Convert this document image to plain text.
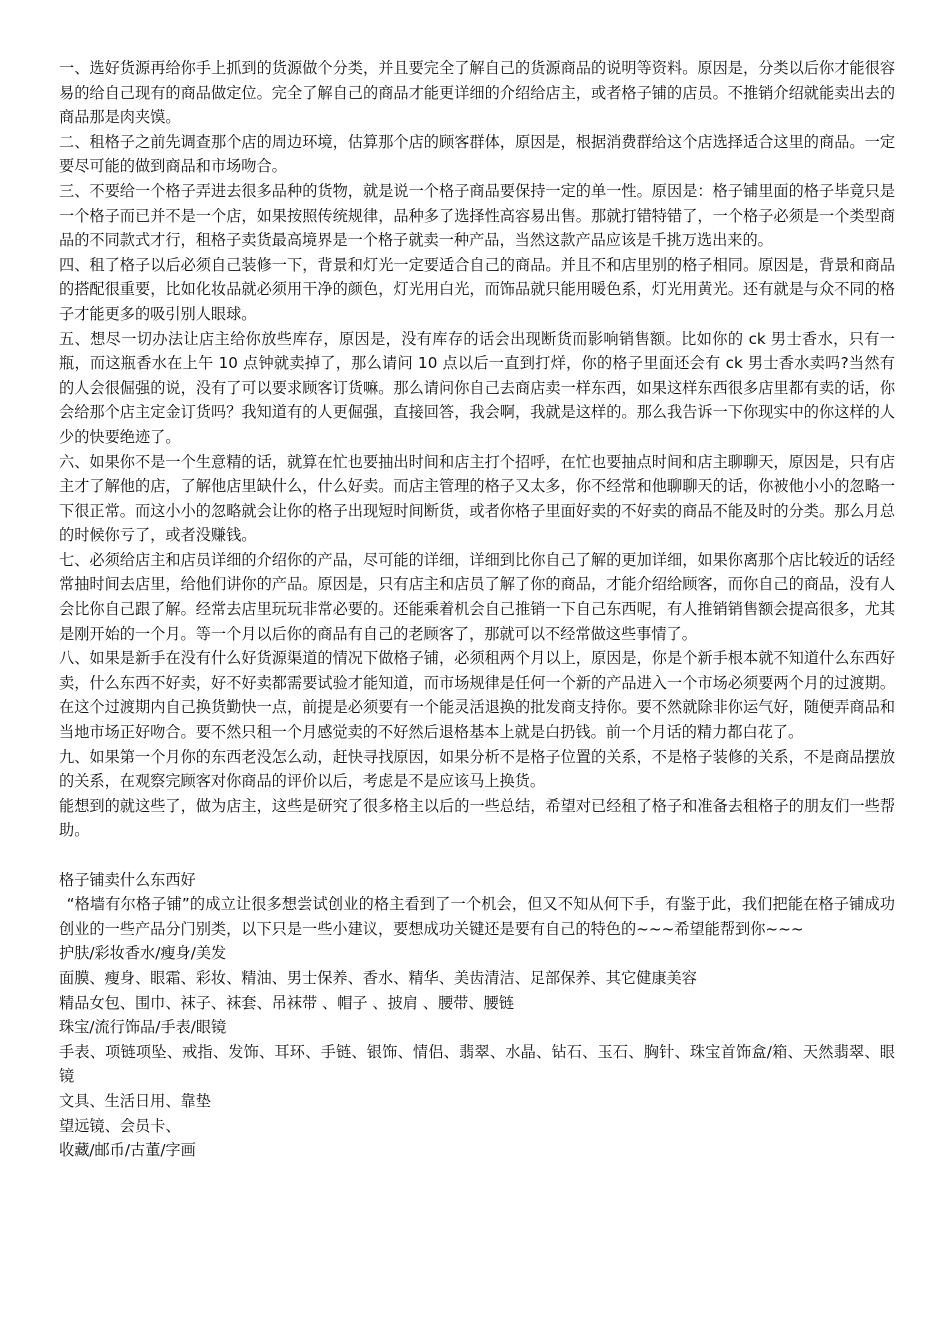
一、选好货源再给你手上抓到的货源做个分类，并且要完全了解自己的货源商品的说明等资料。原因是，分类以后你才能很容易的给自己现有的商品做定位。完全了解自己的商品才能更详细的介绍给店主，或者格子铺的店员。不推销介绍就能卖出去的商品那是肉夹馍。

二、租格子之前先调查那个店的周边环境，估算那个店的顾客群体，原因是，根据消费群给这个店选择适合这里的商品。一定要尽可能的做到商品和市场吻合。

三、不要给一个格子弄进去很多品种的货物，就是说一个格子商品要保持一定的单一性。原因是：格子铺里面的格子毕竟只是一个格子而已并不是一个店，如果按照传统规律，品种多了选择性高容易出售。那就打错特错了，一个格子必须是一个类型商品的不同款式才行，租格子卖货最高境界是一个格子就卖一种产品，当然这款产品应该是千挑万选出来的。

四、租了格子以后必须自己装修一下，背景和灯光一定要适合自己的商品。并且不和店里别的格子相同。原因是，背景和商品的搭配很重要，比如化妆品就必须用干净的颜色，灯光用白光，而饰品就只能用暖色系，灯光用黄光。还有就是与众不同的格子才能更多的吸引别人眼球。

五、想尽一切办法让店主给你放些库存，原因是，没有库存的话会出现断货而影响销售额。比如你的 ck 男士香水，只有一瓶，而这瓶香水在上午 10 点钟就卖掉了，那么请问 10 点以后一直到打烊，你的格子里面还会有 ck 男士香水卖吗?当然有的人会很倔强的说，没有了可以要求顾客订货嘛。那么请问你自己去商店卖一样东西，如果这样东西很多店里都有卖的话，你会给那个店主定金订货吗？我知道有的人更倔强，直接回答，我会啊，我就是这样的。那么我告诉一下你现实中的你这样的人少的快要绝迹了。

六、如果你不是一个生意精的话，就算在忙也要抽出时间和店主打个招呼，在忙也要抽点时间和店主聊聊天，原因是，只有店主才了解他的店，了解他店里缺什么，什么好卖。而店主管理的格子又太多，你不经常和他聊聊天的话，你被他小小的忽略一下很正常。而这小小的忽略就会让你的格子出现短时间断货，或者你格子里面好卖的不好卖的商品不能及时的分类。那么月总的时候你亏了，或者没赚钱。

七、必须给店主和店员详细的介绍你的产品，尽可能的详细，详细到比你自己了解的更加详细，如果你离那个店比较近的话经常抽时间去店里，给他们讲你的产品。原因是，只有店主和店员了解了你的商品，才能介绍给顾客，而你自己的商品，没有人会比你自己跟了解。经常去店里玩玩非常必要的。还能乘着机会自己推销一下自己东西呢，有人推销销售额会提高很多，尤其是刚开始的一个月。等一个月以后你的商品有自己的老顾客了，那就可以不经常做这些事情了。

八、如果是新手在没有什么好货源渠道的情况下做格子铺，必须租两个月以上，原因是，你是个新手根本就不知道什么东西好卖，什么东西不好卖，好不好卖都需要试验才能知道，而市场规律是任何一个新的产品进入一个市场必须要两个月的过渡期。在这个过渡期内自己换货勤快一点，前提是必须要有一个能灵活退换的批发商支持你。要不然就除非你运气好，随便弄商品和当地市场正好吻合。要不然只租一个月感觉卖的不好然后退格基本上就是白扔钱。前一个月话的精力都白花了。

九、如果第一个月你的东西老没怎么动，赶快寻找原因，如果分析不是格子位置的关系，不是格子装修的关系，不是商品摆放的关系，在观察完顾客对你商品的评价以后，考虑是不是应该马上换货。

能想到的就这些了，做为店主，这些是研究了很多格主以后的一些总结，希望对已经租了格子和准备去租格子的朋友们一些帮助。

格子铺卖什么东西好

“格墙有尔格子铺”的成立让很多想尝试创业的格主看到了一个机会，但又不知从何下手，有鉴于此，我们把能在格子铺成功创业的一些产品分门别类，以下只是一些小建议，要想成功关键还是要有自己的特色的~~~希望能帮到你~~~

护肤/彩妆香水/瘦身/美发

面膜、瘦身、眼霜、彩妆、精油、男士保养、香水、精华、美齿清洁、足部保养、其它健康美容

精品女包、围巾、袜子、袜套、吊袜带 、帽子 、披肩 、腰带、腰链

珠宝/流行饰品/手表/眼镜

手表、项链项坠、戒指、发饰、耳环、手链、银饰、情侣、翡翠、水晶、钻石、玉石、胸针、珠宝首饰盒/箱、天然翡翠、眼镜

文具、生活日用、靠垫

望远镜、会员卡、

收藏/邮币/古董/字画
